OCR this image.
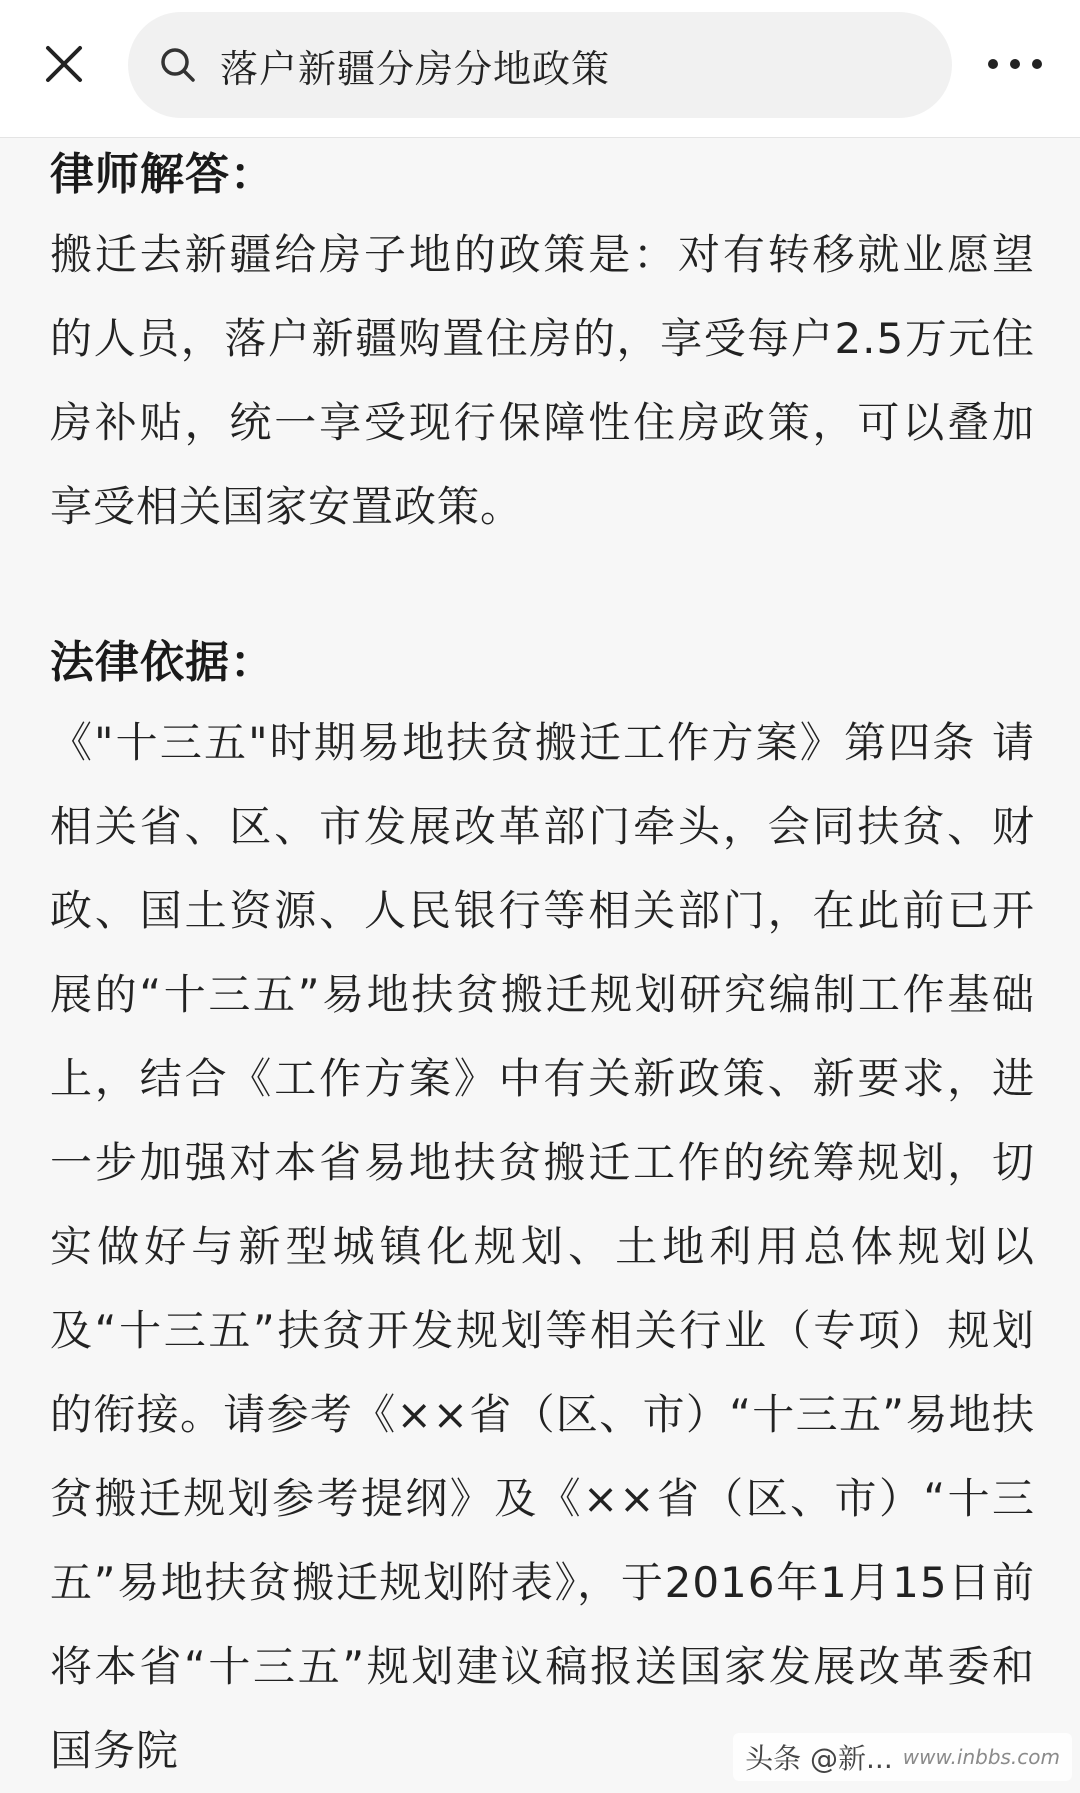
落户新疆分房分地政策
律师解答：

搬迁去新疆给房子地的政策是：对有转移就业愿望的人员，落户新疆购置住房的，享受每户2.5万元住房补贴，统一享受现行保障性住房政策，可以叠加享受相关国家安置政策。

法律依据：

《"十三五"时期易地扶贫搬迁工作方案》第四条 请相关省、区、市发展改革部门牵头，会同扶贫、财政、国土资源、人民银行等相关部门，在此前已开展的“十三五”易地扶贫搬迁规划研究编制工作基础上，结合《工作方案》中有关新政策、新要求，进一步加强对本省易地扶贫搬迁工作的统筹规划，切实做好与新型城镇化规划、土地利用总体规划以及“十三五”扶贫开发规划等相关行业（专项）规划的衔接。请参考《××省（区、市）“十三五”易地扶贫搬迁规划参考提纲》及《××省（区、市）“十三五”易地扶贫搬迁规划附表》，于2016年1月15日前将本省“十三五”规划建议稿报送国家发展改革委和国务院	头条 @新... www.inbbs.com
